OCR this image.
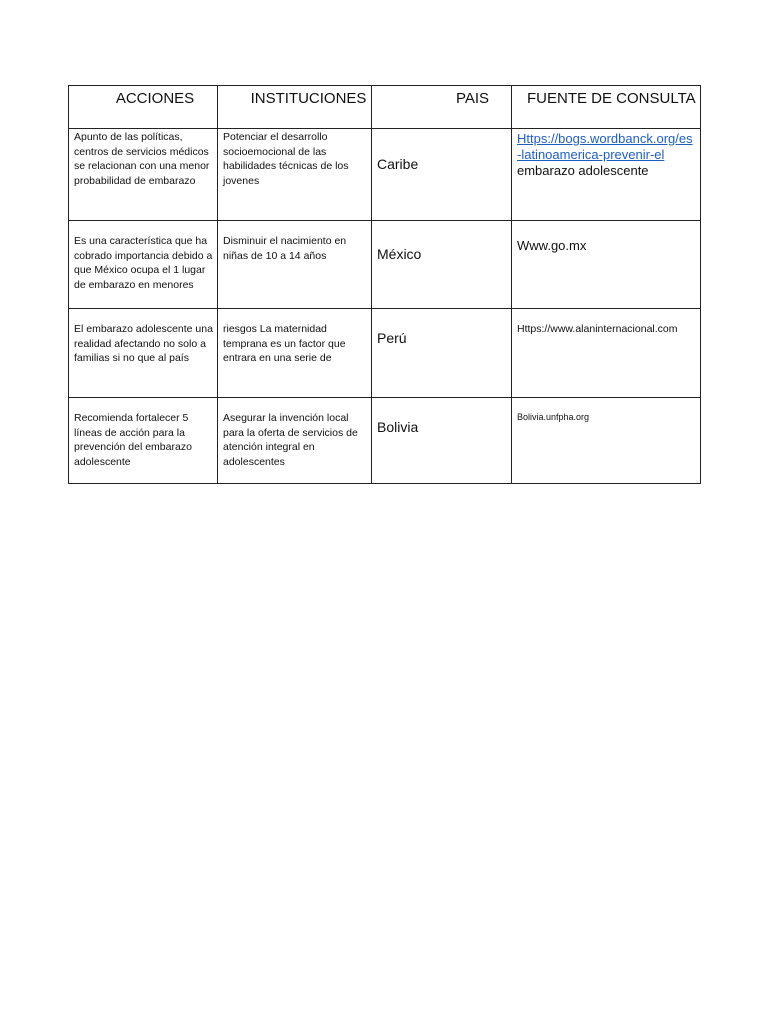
ACCIONES	INSTITUCIONES	PAIS	FUENTE DE CONSULTA

Apunto de las políticas, centros de servicios médicos se relacionan con una menor probabilidad de embarazo	Potenciar el desarrollo socioemocional de las habilidades técnicas de los jovenes	Caribe	Https://bogs.wordbanck.org/es-latinoamerica-prevenir-el
embarazo adolescente

Es una característica que ha cobrado importancia debido a que México ocupa el 1 lugar de embarazo en menores	Disminuir el nacimiento en niñas de 10 a 14 años	México	Www.go.mx

El embarazo adolescente una realidad afectando no solo a familias si no que al país	riesgos La maternidad temprana es un factor que entrara en una serie de	Perú	Https://www.alaninternacional.com

Recomienda fortalecer 5 líneas de acción para la prevención del embarazo adolescente	Asegurar la invención local para la oferta de servicios de atención integral en adolescentes	Bolivia	Bolivia.unfpha.org
